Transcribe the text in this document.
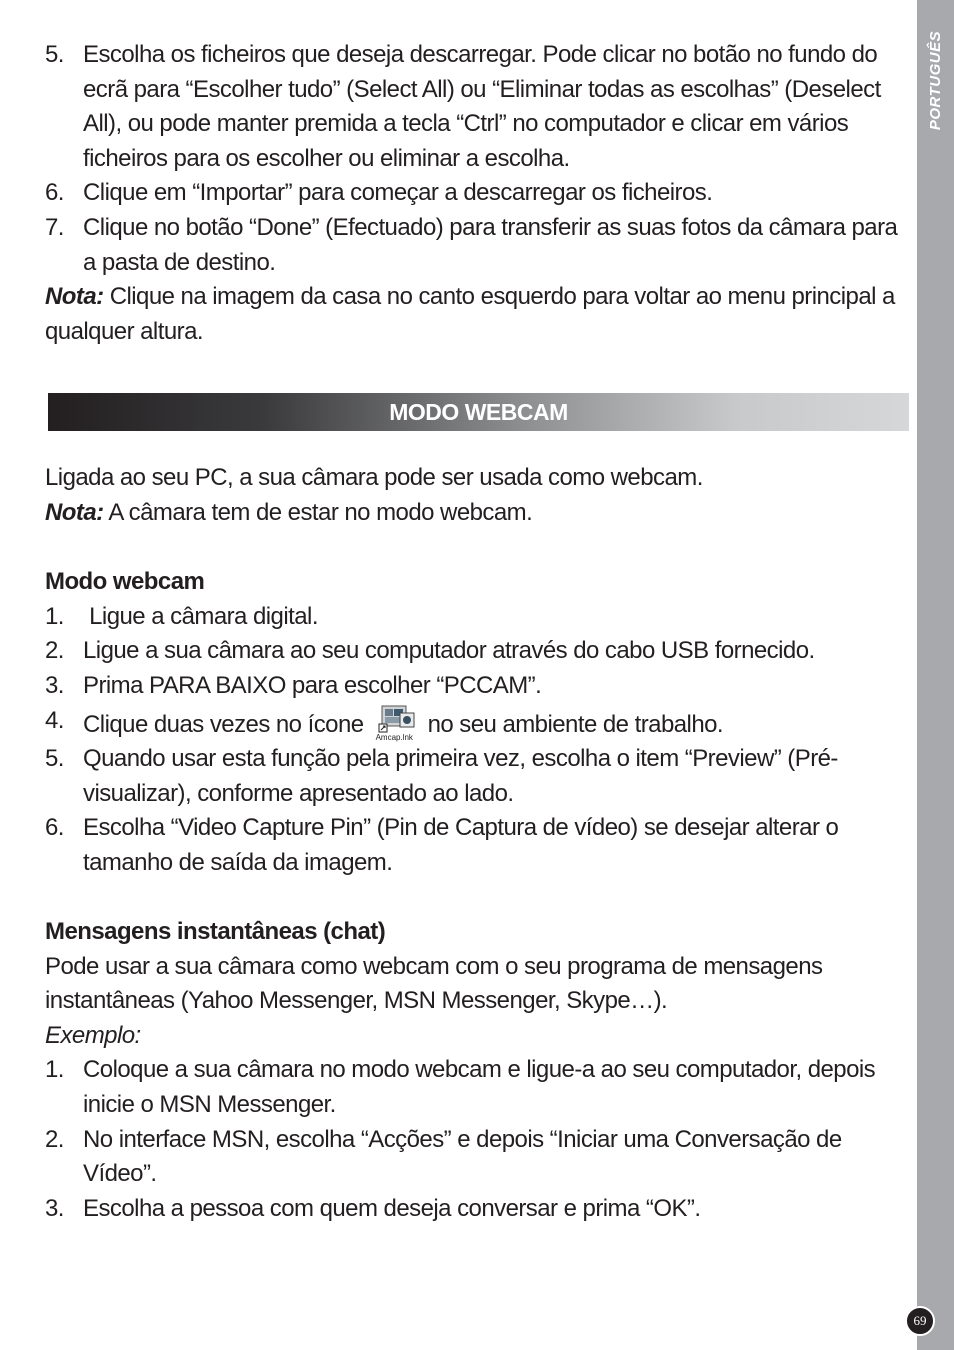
PORTUGUÊS
69
5. Escolha os ficheiros que deseja descarregar. Pode clicar no botão no fundo do ecrã para “Escolher tudo” (Select All) ou “Eliminar todas as escolhas” (Deselect All), ou pode manter premida a tecla “Ctrl” no computador e clicar em vários ficheiros para os escolher ou eliminar a escolha.
6. Clique em “Importar” para começar a descarregar os ficheiros.
7. Clique no botão “Done” (Efectuado) para transferir as suas fotos da câmara para a pasta de destino.

Nota: Clique na imagem da casa no canto esquerdo para voltar ao menu principal a qualquer altura.

MODO WEBCAM

Ligada ao seu PC, a sua câmara pode ser usada como webcam.

Nota: A câmara tem de estar no modo webcam.

Modo webcam

1. Ligue a câmara digital.
2. Ligue a sua câmara ao seu computador através do cabo USB fornecido.
3. Prima PARA BAIXO para escolher “PCCAM”.
4. Clique duas vezes no ícone Amcap.lnk no seu ambiente de trabalho.
5. Quando usar esta função pela primeira vez, escolha o item “Preview” (Pré-visualizar), conforme apresentado ao lado.
6. Escolha “Video Capture Pin” (Pin de Captura de vídeo) se desejar alterar o tamanho de saída da imagem.

Mensagens instantâneas (chat)

Pode usar a sua câmara como webcam com o seu programa de mensagens instantâneas (Yahoo Messenger, MSN Messenger, Skype…).

Exemplo:

1. Coloque a sua câmara no modo webcam e ligue-a ao seu computador, depois inicie o MSN Messenger.
2. No interface MSN, escolha “Acções” e depois “Iniciar uma Conversação de Vídeo”.
3. Escolha a pessoa com quem deseja conversar e prima “OK”.
